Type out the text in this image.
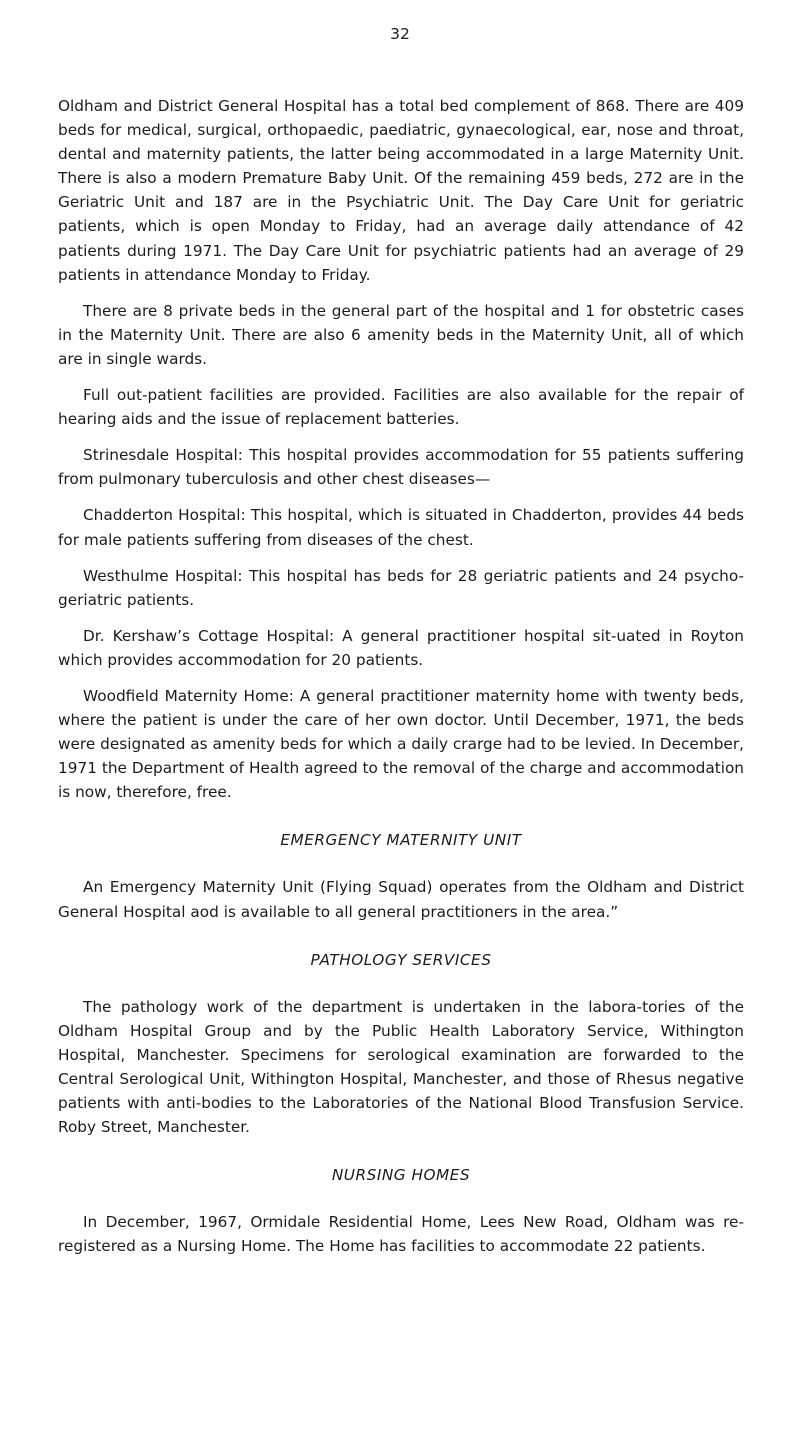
32

Oldham and District General Hospital has a total bed complement of 868. There are 409 beds for medical, surgical, orthopaedic, paediatric, gynaecological, ear, nose and throat, dental and maternity patients, the latter being accommodated in a large Maternity Unit. There is also a modern Premature Baby Unit. Of the remaining 459 beds, 272 are in the Geriatric Unit and 187 are in the Psychiatric Unit. The Day Care Unit for geriatric patients, which is open Monday to Friday, had an average daily attendance of 42 patients during 1971. The Day Care Unit for psychiatric patients had an average of 29 patients in attendance Monday to Friday.

There are 8 private beds in the general part of the hospital and 1 for obstetric cases in the Maternity Unit. There are also 6 amenity beds in the Maternity Unit, all of which are in single wards.

Full out-patient facilities are provided. Facilities are also available for the repair of hearing aids and the issue of replacement batteries.

Strinesdale Hospital: This hospital provides accommodation for 55 patients suffering from pulmonary tuberculosis and other chest diseases—

Chadderton Hospital: This hospital, which is situated in Chadderton, provides 44 beds for male patients suffering from diseases of the chest.

Westhulme Hospital: This hospital has beds for 28 geriatric patients and 24 psycho-geriatric patients.

Dr. Kershaw’s Cottage Hospital: A general practitioner hospital sit-uated in Royton which provides accommodation for 20 patients.

Woodfield Maternity Home: A general practitioner maternity home with twenty beds, where the patient is under the care of her own doctor. Until December, 1971, the beds were designated as amenity beds for which a daily crarge had to be levied. In December, 1971 the Department of Health agreed to the removal of the charge and accommodation is now, therefore, free.

EMERGENCY MATERNITY UNIT

An Emergency Maternity Unit (Flying Squad) operates from the Oldham and District General Hospital aod is available to all general practitioners in the area.”

PATHOLOGY SERVICES

The pathology work of the department is undertaken in the labora-tories of the Oldham Hospital Group and by the Public Health Laboratory Service, Withington Hospital, Manchester. Specimens for serological examination are forwarded to the Central Serological Unit, Withington Hospital, Manchester, and those of Rhesus negative patients with anti-bodies to the Laboratories of the National Blood Transfusion Service. Roby Street, Manchester.

NURSING HOMES

In December, 1967, Ormidale Residential Home, Lees New Road, Oldham was re-registered as a Nursing Home. The Home has facilities to accommodate 22 patients.
